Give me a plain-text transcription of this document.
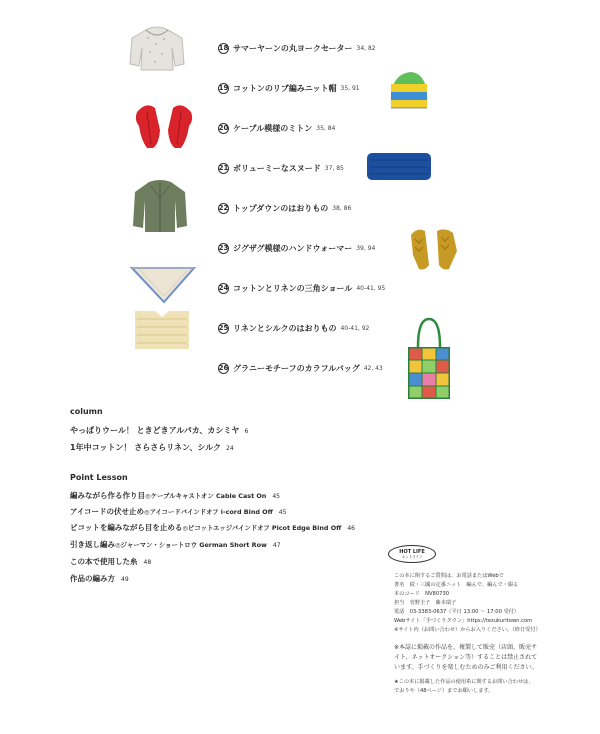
18 サマーヤーンの丸ヨークセーター 34, 82
19 コットンのリブ編みニット帽 35, 91
20 ケーブル模様のミトン 35, 84
21 ボリューミーなスヌード 37, 85
22 トップダウンのはおりもの 38, 86
23 ジグザグ模様のハンドウォーマー 39, 94
24 コットンとリネンの三角ショール 40-41, 95
25 リネンとシルクのはおりもの 40-41, 92
26 グラニーモチーフのカラフルバッグ 42, 43
column
やっぱりウール！ ときどきアルパカ、カシミヤ 6
1年中コットン！ さらさらリネン、シルク 24
Point Lesson
編みながら作る作り目◎ケーブルキャストオン Cable Cast On 45
アイコードの伏せ止め◎アイコードバインドオフ i-cord Bind Off 45
ピコットを編みながら目を止める◎ピコットエッジバインドオフ Picot Edge Bind Off 46
引き返し編み◎ジャーマン・ショートロウ German Short Row 47
この本で使用した糸 48
作品の編み方 49
HOT LIFE
ホットライフ
この本に関するご質問は、お電話またはWebで
書名　続・三國の定番ニット　編んで、編んで・綴る
本のコード　NV80730
担当　菅野圭子　藤本瑞子
電話　03-3383-0637（平日 13:00 〜 17:00 受付）
Webサイト「手づくりタウン」https://tezukuritown.com
※サイト内（お問い合わせ）からお入りください。（終日受付）
※本誌に掲載の作品を、複製して販売（店頭、販売サ
イト、ネットオークション等）することは禁止されて
います。手づくりを楽しむためのみご利用ください。
★この本に掲載した作品の使用糸に関するお問い合わせは、
でおりや（48ページ）までお願いします。
